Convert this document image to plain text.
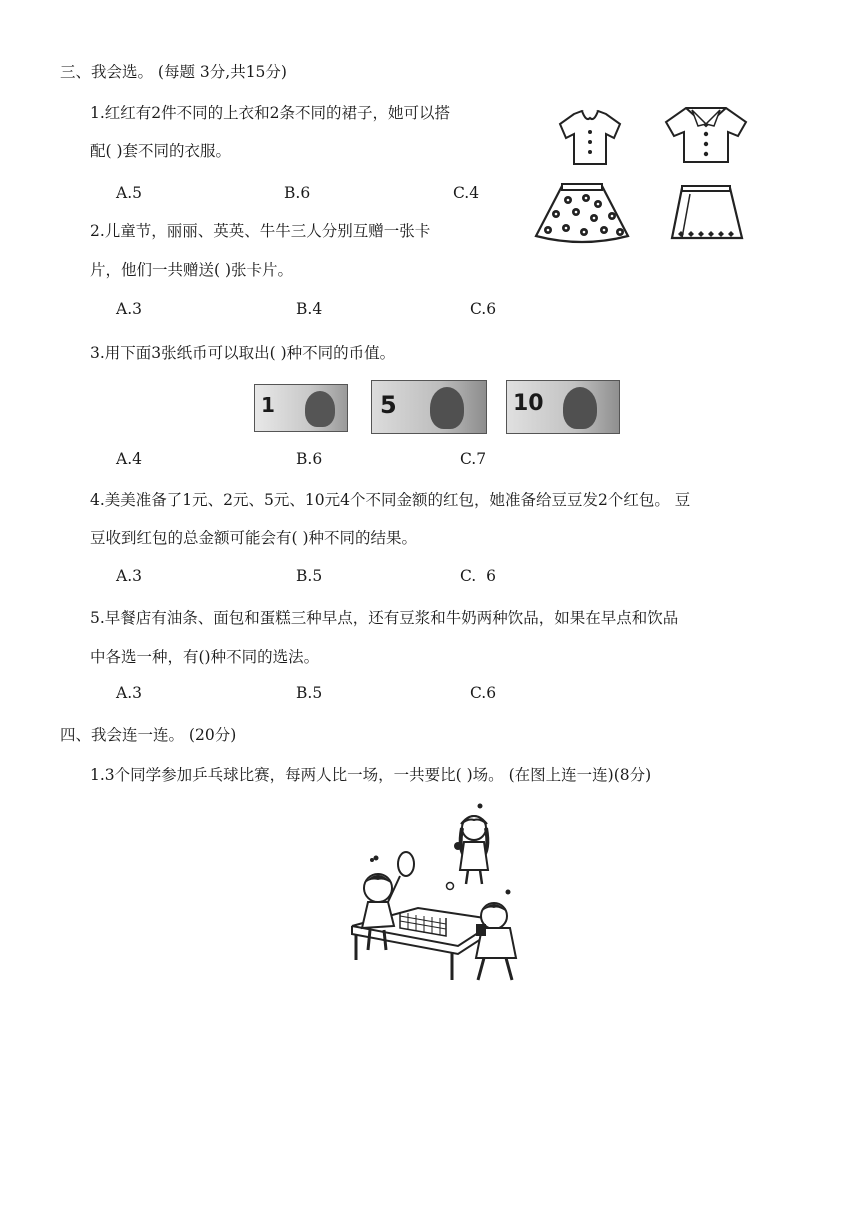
三、我会选。 (每题 3分,共15分)
1.红红有2件不同的上衣和2条不同的裙子，她可以搭
配( )套不同的衣服。
A.5	B.6	C.4
2.儿童节，丽丽、英英、牛牛三人分别互赠一张卡
片，他们一共赠送( )张卡片。
A.3	B.4	C.6
3.用下面3张纸币可以取出( )种不同的币值。
1	5	10
A.4	B.6	C.7
4.美美准备了1元、2元、5元、10元4个不同金额的红包，她准备给豆豆发2个红包。 豆
豆收到红包的总金额可能会有( )种不同的结果。
A.3	B.5	C.  6
5.早餐店有油条、面包和蛋糕三种早点，还有豆浆和牛奶两种饮品，如果在早点和饮品
中各选一种，有()种不同的选法。
A.3	B.5	C.6
四、我会连一连。 (20分)
1.3个同学参加乒乓球比赛，每两人比一场，一共要比( )场。 (在图上连一连)(8分)
